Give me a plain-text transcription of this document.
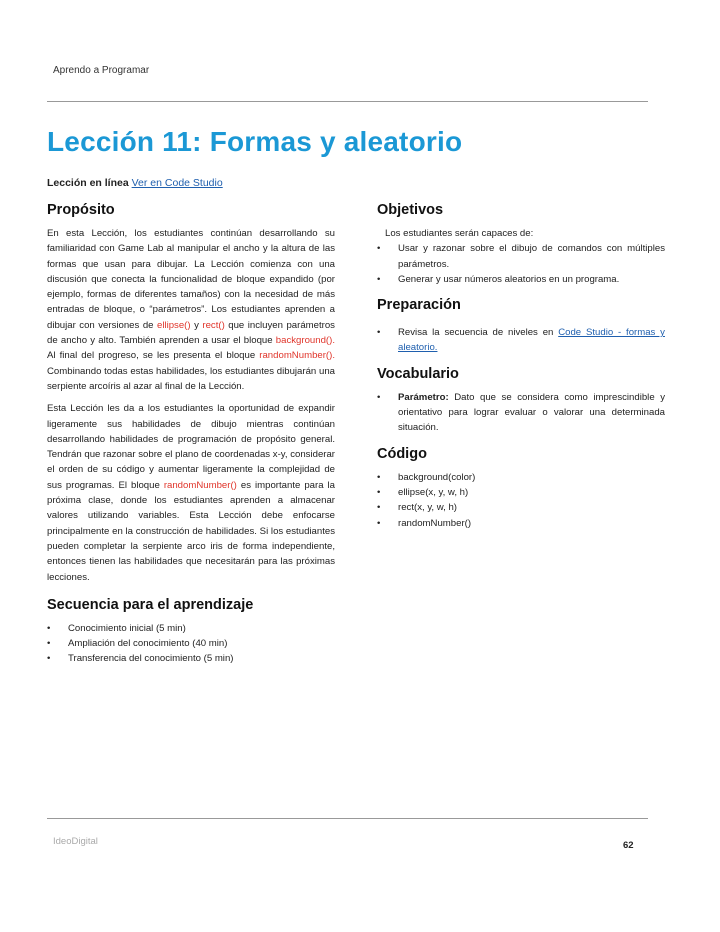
Aprendo a Programar
Lección 11: Formas y aleatorio
Lección en línea Ver en Code Studio
Propósito

En esta Lección, los estudiantes continúan desarrollando su familiaridad con Game Lab al manipular el ancho y la altura de las formas que usan para dibujar. La Lección comienza con una discusión que conecta la funcionalidad de bloque expandido (por ejemplo, formas de diferentes tamaños) con la necesidad de más entradas de bloque, o “parámetros”. Los estudiantes aprenden a dibujar con versiones de ellipse() y rect() que incluyen parámetros de ancho y alto. También aprenden a usar el bloque background(). Al final del progreso, se les presenta el bloque randomNumber(). Combinando todas estas habilidades, los estudiantes dibujarán una serpiente arcoíris al azar al final de la Lección.

Esta Lección les da a los estudiantes la oportunidad de expandir ligeramente sus habilidades de dibujo mientras continúan desarrollando habilidades de programación de propósito general. Tendrán que razonar sobre el plano de coordenadas x-y, considerar el orden de su código y aumentar ligeramente la complejidad de sus programas. El bloque randomNumber() es importante para la próxima clase, donde los estudiantes aprenden a almacenar valores utilizando variables. Esta Lección debe enfocarse principalmente en la construcción de habilidades. Si los estudiantes pueden completar la serpiente arco iris de forma independiente, entonces tienen las habilidades que necesitarán para las próximas lecciones.

Secuencia para el aprendizaje
• Conocimiento inicial (5 min)
• Ampliación del conocimiento (40 min)
• Transferencia del conocimiento (5 min)
Objetivos

Los estudiantes serán capaces de:

• Usar y razonar sobre el dibujo de comandos con múltiples parámetros.
• Generar y usar números aleatorios en un programa.
Preparación
• Revisa la secuencia de niveles en Code Studio - formas y aleatorio.
Vocabulario
• Parámetro: Dato que se considera como imprescindible y orientativo para lograr evaluar o valorar una determinada situación.
Código
• background(color)
• ellipse(x, y, w, h)
• rect(x, y, w, h)
• randomNumber()
IdeoDigital	62
